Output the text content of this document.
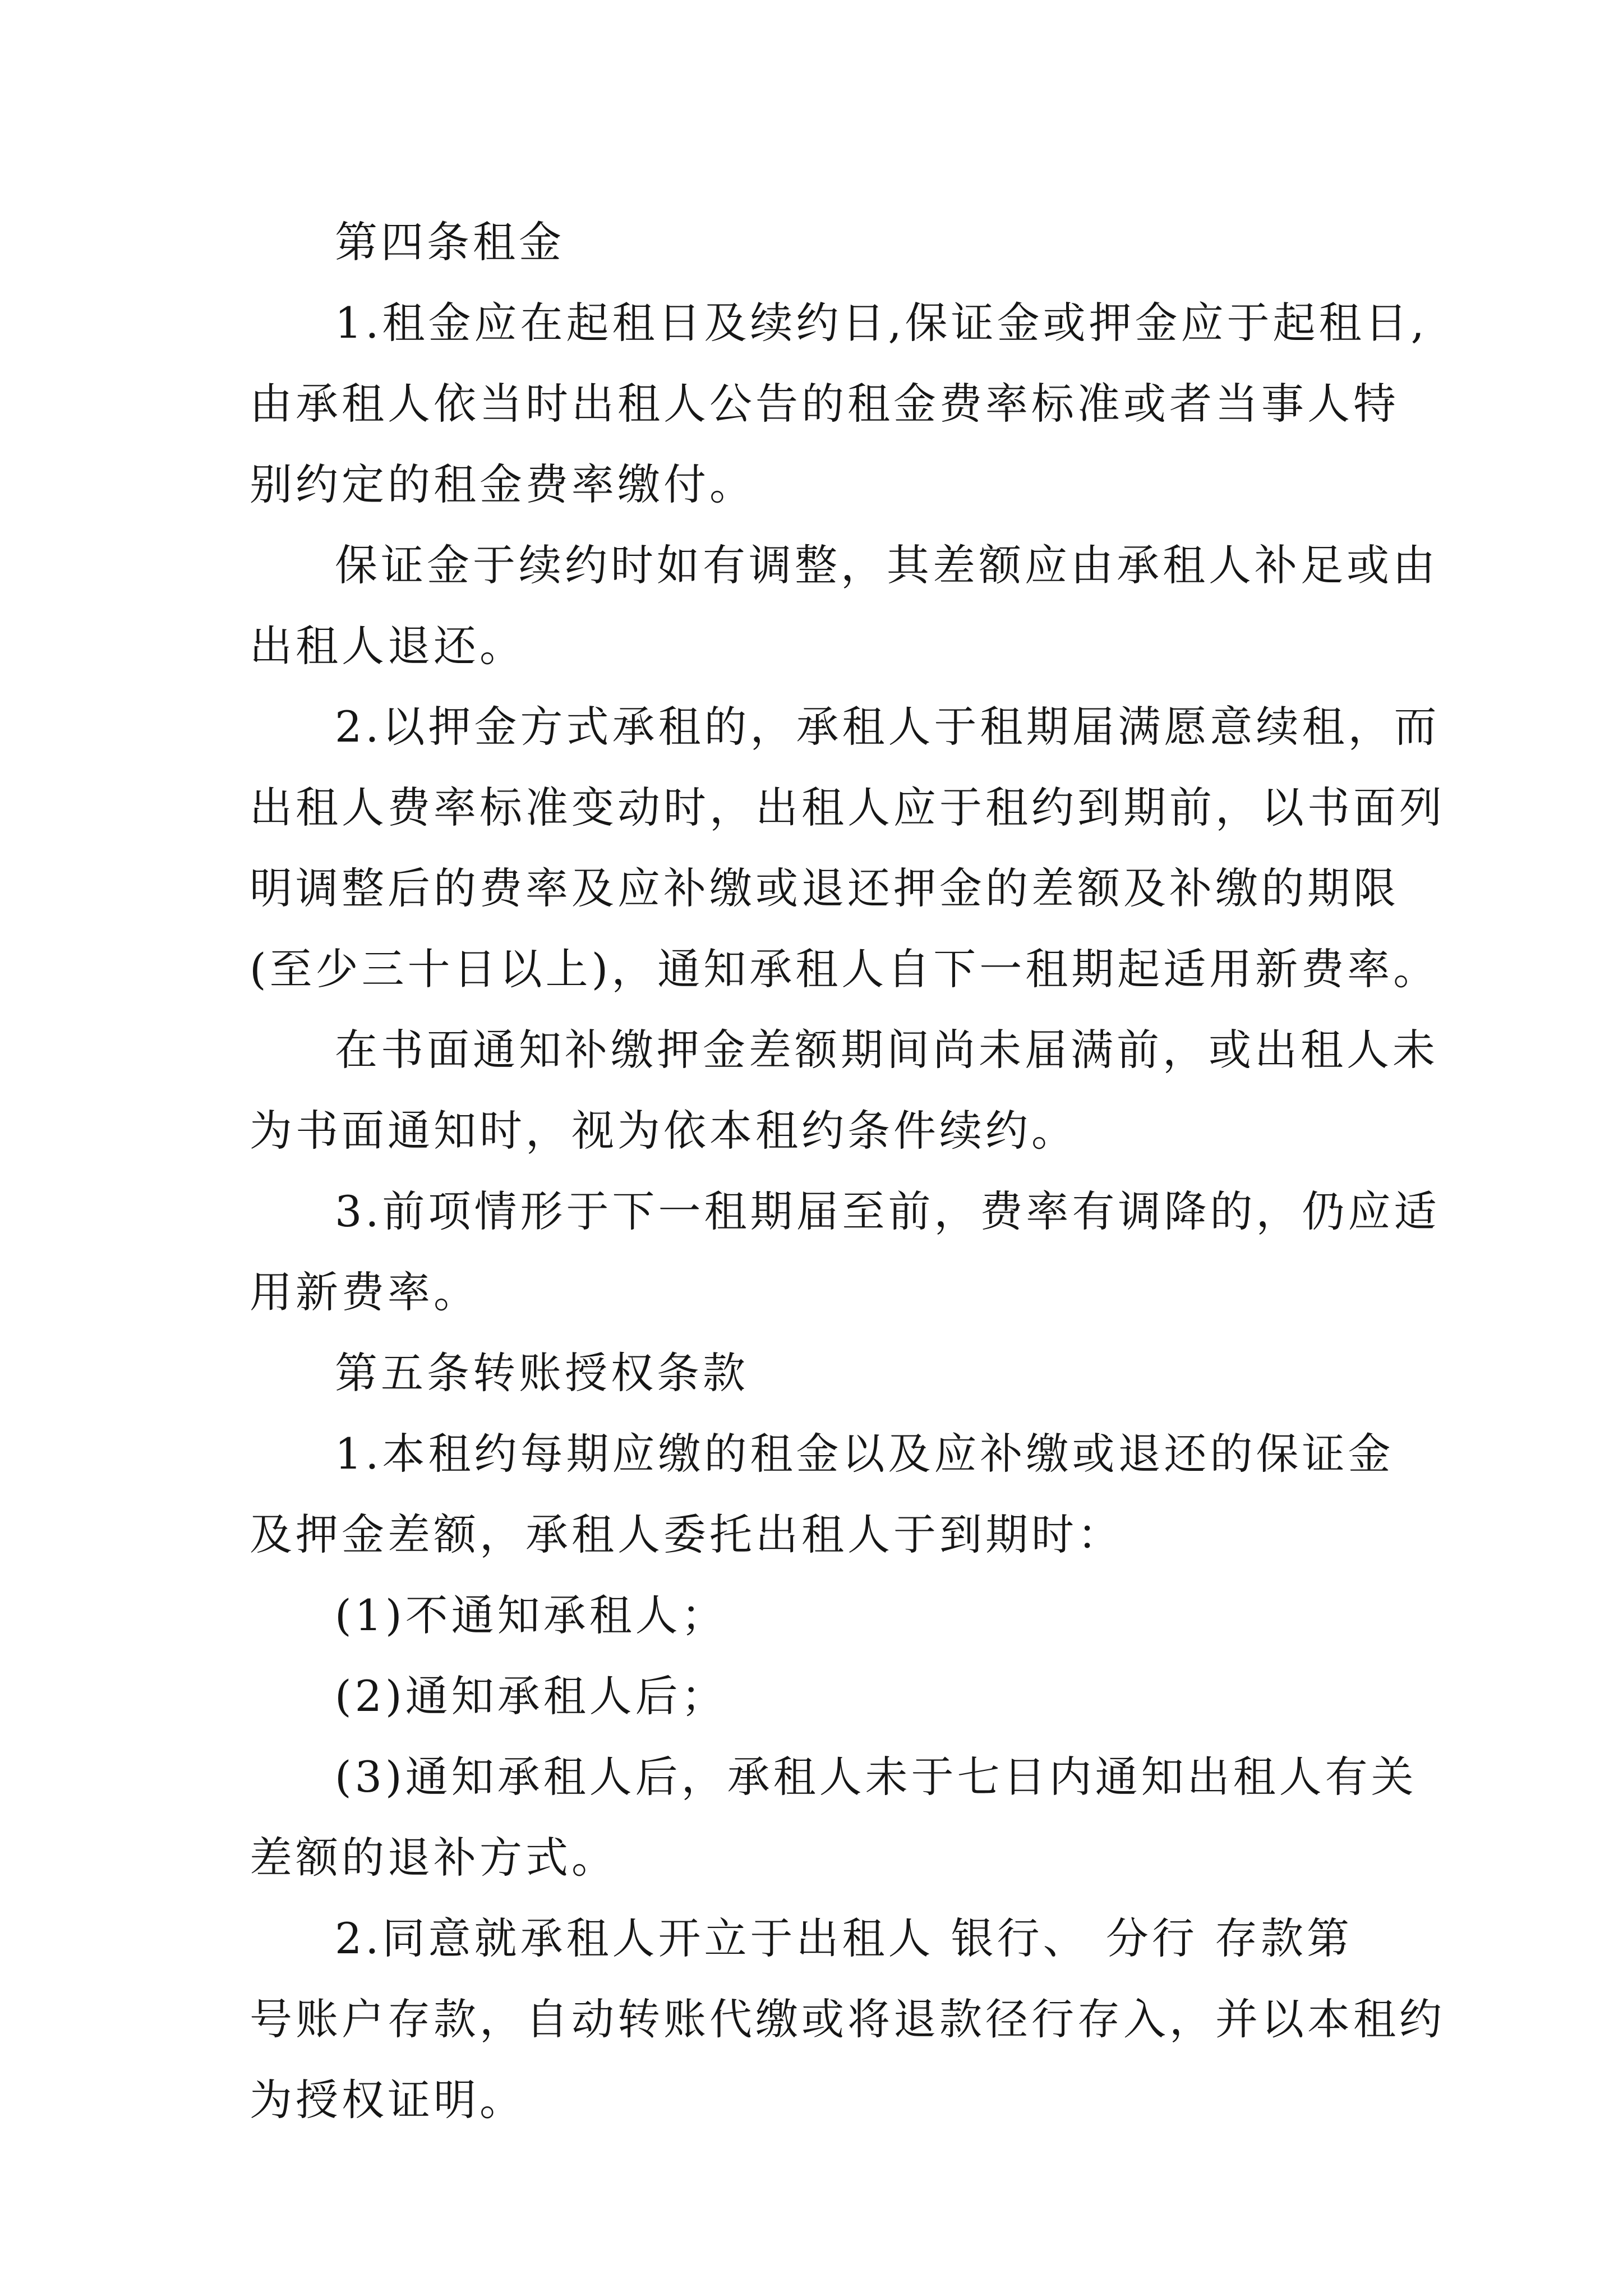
第四条租金
1.租金应在起租日及续约日,保证金或押金应于起租日,
由承租人依当时出租人公告的租金费率标准或者当事人特
别约定的租金费率缴付。
保证金于续约时如有调整，其差额应由承租人补足或由
出租人退还。
2.以押金方式承租的，承租人于租期届满愿意续租，而
出租人费率标准变动时，出租人应于租约到期前，以书面列
明调整后的费率及应补缴或退还押金的差额及补缴的期限
(至少三十日以上)，通知承租人自下一租期起适用新费率。
在书面通知补缴押金差额期间尚未届满前，或出租人未
为书面通知时，视为依本租约条件续约。
3.前项情形于下一租期届至前，费率有调降的，仍应适
用新费率。
第五条转账授权条款
1.本租约每期应缴的租金以及应补缴或退还的保证金
及押金差额，承租人委托出租人于到期时：
(1)不通知承租人；
(2)通知承租人后；
(3)通知承租人后，承租人未于七日内通知出租人有关
差额的退补方式。
2.同意就承租人开立于出租人 银行、 分行 存款第
号账户存款，自动转账代缴或将退款径行存入，并以本租约
为授权证明。
